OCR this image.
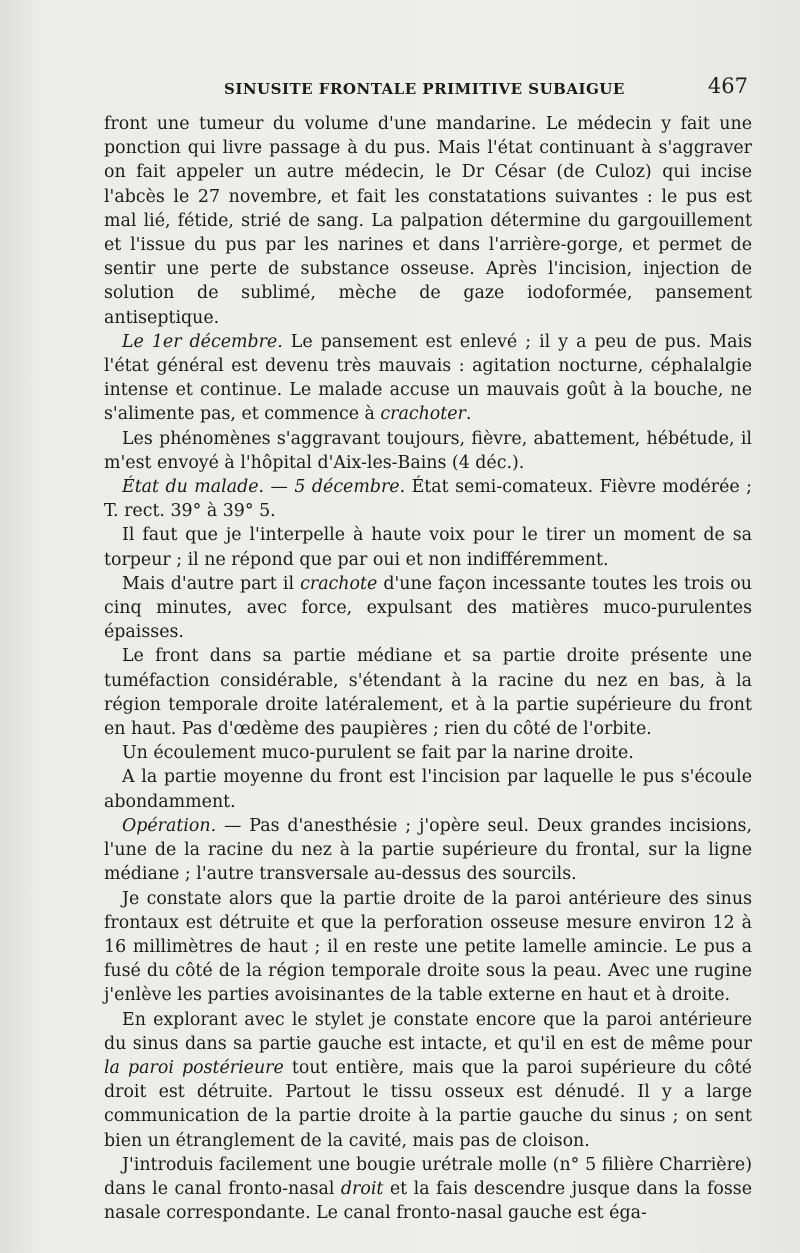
SINUSITE FRONTALE PRIMITIVE SUBAIGUE	467

front une tumeur du volume d'une mandarine. Le médecin y fait une ponction qui livre passage à du pus. Mais l'état continuant à s'aggraver on fait appeler un autre médecin, le Dr César (de Culoz) qui incise l'abcès le 27 novembre, et fait les constatations suivantes : le pus est mal lié, fétide, strié de sang. La palpation détermine du gargouillement et l'issue du pus par les narines et dans l'arrière-gorge, et permet de sentir une perte de substance osseuse. Après l'incision, injection de solution de sublimé, mèche de gaze iodoformée, pansement antiseptique.

Le 1er décembre. Le pansement est enlevé ; il y a peu de pus. Mais l'état général est devenu très mauvais : agitation nocturne, céphalalgie intense et continue. Le malade accuse un mauvais goût à la bouche, ne s'alimente pas, et commence à crachoter.

Les phénomènes s'aggravant toujours, fièvre, abattement, hébétude, il m'est envoyé à l'hôpital d'Aix-les-Bains (4 déc.).

État du malade. — 5 décembre. État semi-comateux. Fièvre modérée ; T. rect. 39° à 39° 5.

Il faut que je l'interpelle à haute voix pour le tirer un moment de sa torpeur ; il ne répond que par oui et non indifféremment.

Mais d'autre part il crachote d'une façon incessante toutes les trois ou cinq minutes, avec force, expulsant des matières muco-purulentes épaisses.

Le front dans sa partie médiane et sa partie droite présente une tuméfaction considérable, s'étendant à la racine du nez en bas, à la région temporale droite latéralement, et à la partie supérieure du front en haut. Pas d'œdème des paupières ; rien du côté de l'orbite.

Un écoulement muco-purulent se fait par la narine droite.

A la partie moyenne du front est l'incision par laquelle le pus s'écoule abondamment.

Opération. — Pas d'anesthésie ; j'opère seul. Deux grandes incisions, l'une de la racine du nez à la partie supérieure du frontal, sur la ligne médiane ; l'autre transversale au-dessus des sourcils.

Je constate alors que la partie droite de la paroi antérieure des sinus frontaux est détruite et que la perforation osseuse mesure environ 12 à 16 millimètres de haut ; il en reste une petite lamelle amincie. Le pus a fusé du côté de la région temporale droite sous la peau. Avec une rugine j'enlève les parties avoisinantes de la table externe en haut et à droite.

En explorant avec le stylet je constate encore que la paroi antérieure du sinus dans sa partie gauche est intacte, et qu'il en est de même pour la paroi postérieure tout entière, mais que la paroi supérieure du côté droit est détruite. Partout le tissu osseux est dénudé. Il y a large communication de la partie droite à la partie gauche du sinus ; on sent bien un étranglement de la cavité, mais pas de cloison.

J'introduis facilement une bougie urétrale molle (n° 5 filière Charrière) dans le canal fronto-nasal droit et la fais descendre jusque dans la fosse nasale correspondante. Le canal fronto-nasal gauche est éga-
